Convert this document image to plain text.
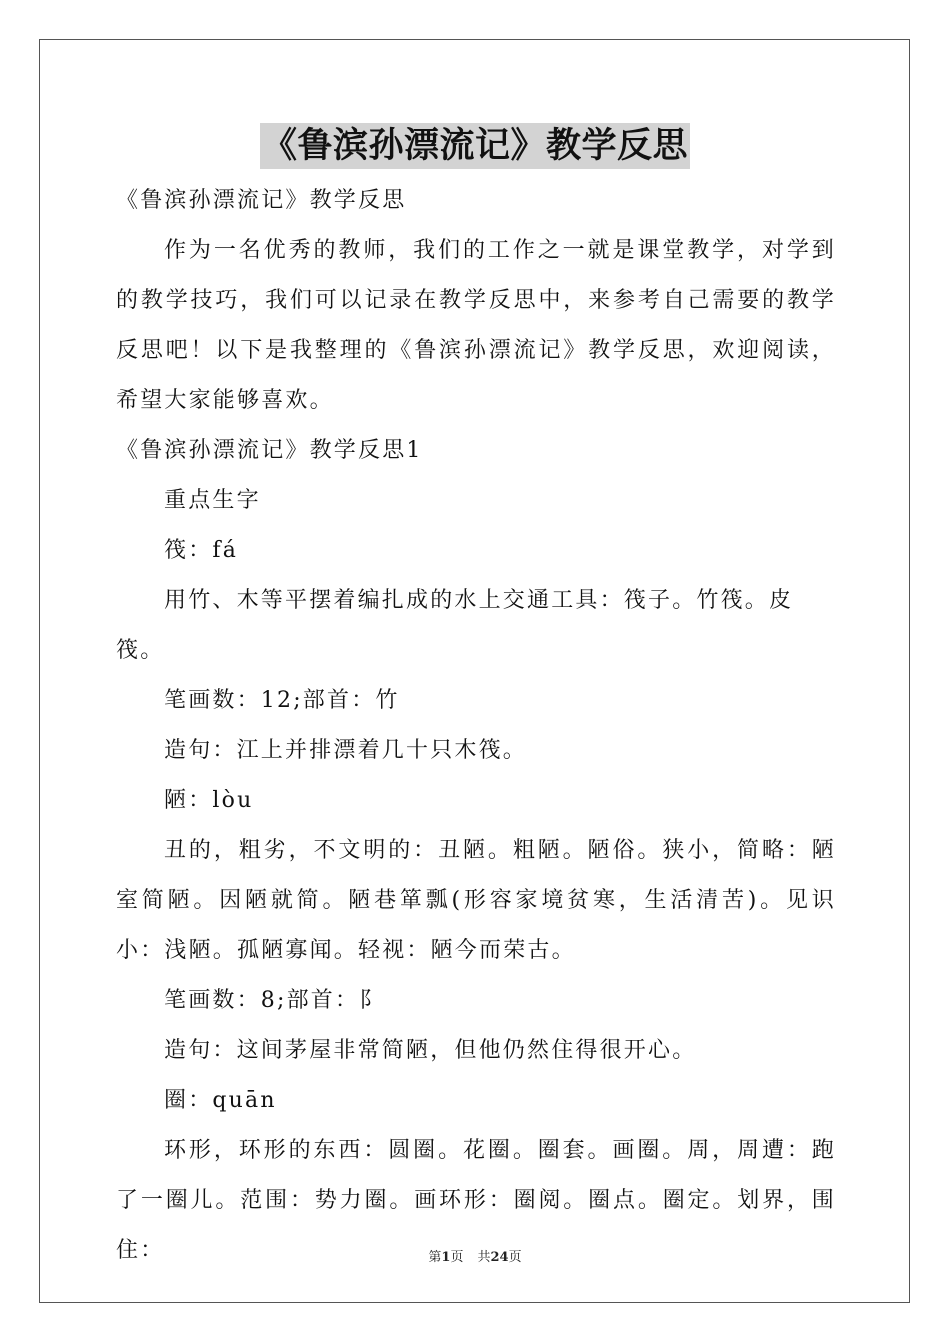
《鲁滨孙漂流记》教学反思

《鲁滨孙漂流记》教学反思

作为一名优秀的教师，我们的工作之一就是课堂教学，对学到的教学技巧，我们可以记录在教学反思中，来参考自己需要的教学反思吧！以下是我整理的《鲁滨孙漂流记》教学反思，欢迎阅读，希望大家能够喜欢。

《鲁滨孙漂流记》教学反思1

重点生字

筏：fá

用竹、木等平摆着编扎成的水上交通工具：筏子。竹筏。皮筏。

笔画数：12;部首：竹

造句：江上并排漂着几十只木筏。

陋：lòu

丑的，粗劣，不文明的：丑陋。粗陋。陋俗。狭小，简略：陋室简陋。因陋就简。陋巷箪瓢(形容家境贫寒，生活清苦)。见识小：浅陋。孤陋寡闻。轻视：陋今而荣古。

笔画数：8;部首：阝

造句：这间茅屋非常简陋，但他仍然住得很开心。

圈：quān

环形，环形的东西：圆圈。花圈。圈套。画圈。周，周遭：跑了一圈儿。范围：势力圈。画环形：圈阅。圈点。圈定。划界，围住：	第1页 共24页
